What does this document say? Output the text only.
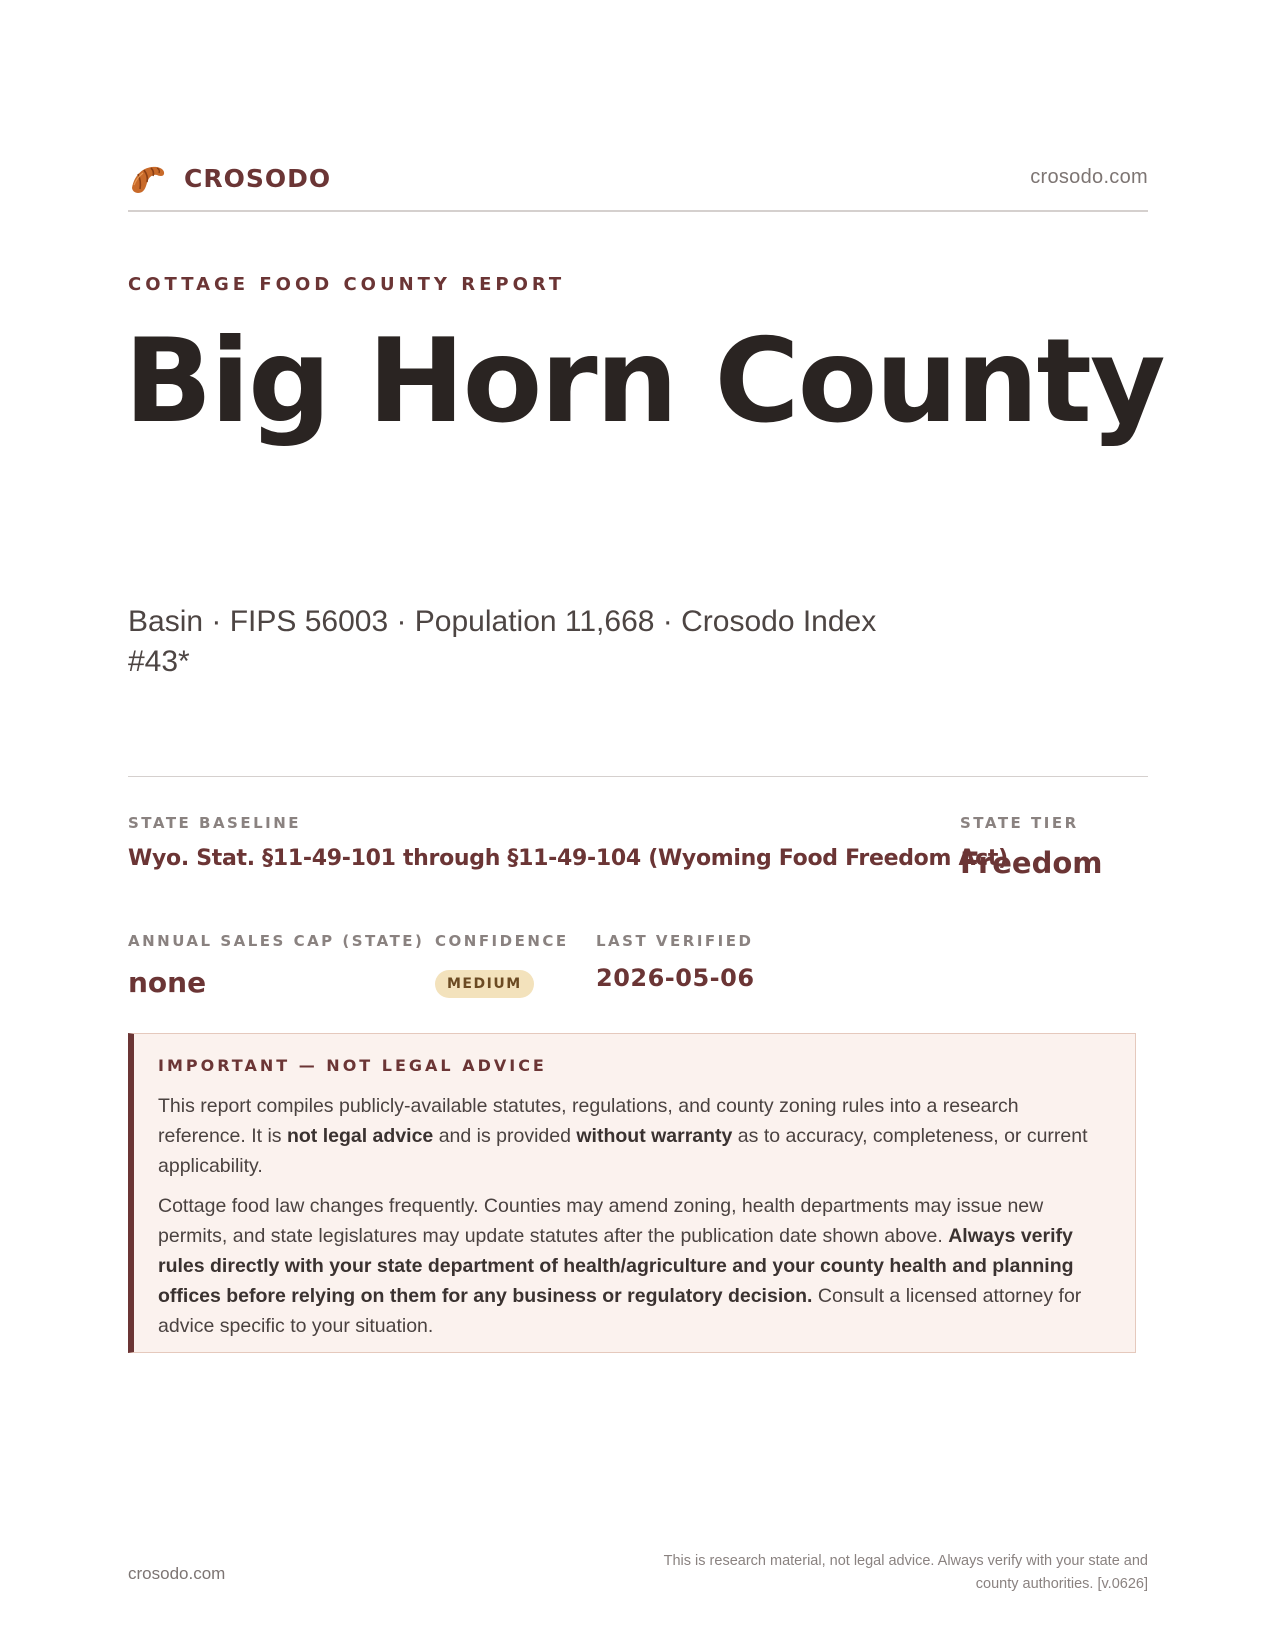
CROSODO	crosodo.com
COTTAGE FOOD COUNTY REPORT
Big Horn County
Basin · FIPS 56003 · Population 11,668 · Crosodo Index #43*
STATE BASELINE
Wyo. Stat. §11-49-101 through §11-49-104 (Wyoming Food Freedom Act)
STATE TIER
Freedom
ANNUAL SALES CAP (STATE)
none
CONFIDENCE
MEDIUM
LAST VERIFIED
2026-05-06
IMPORTANT — NOT LEGAL ADVICE

This report compiles publicly-available statutes, regulations, and county zoning rules into a research reference. It is not legal advice and is provided without warranty as to accuracy, completeness, or current applicability.

Cottage food law changes frequently. Counties may amend zoning, health departments may issue new permits, and state legislatures may update statutes after the publication date shown above. Always verify rules directly with your state department of health/agriculture and your county health and planning offices before relying on them for any business or regulatory decision. Consult a licensed attorney for advice specific to your situation.

crosodo.com
This is research material, not legal advice. Always verify with your state and county authorities. [v.0626]
